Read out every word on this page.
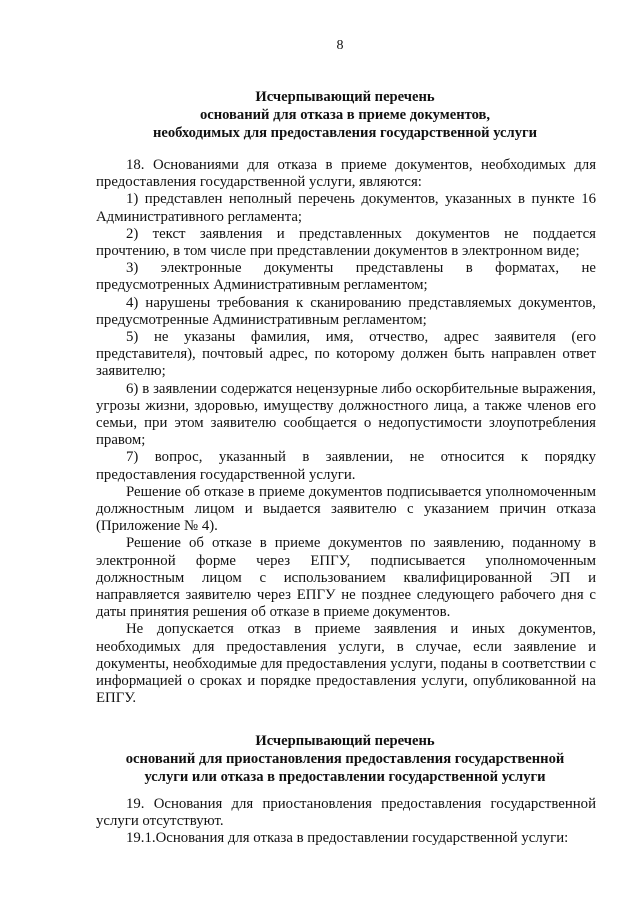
8
Исчерпывающий перечень
оснований для отказа в приеме документов,
необходимых для предоставления государственной услуги

18. Основаниями для отказа в приеме документов, необходимых для предоставления государственной услуги, являются:

1) представлен неполный перечень документов, указанных в пункте 16 Административного регламента;

2) текст заявления и представленных документов не поддается прочтению, в том числе при представлении документов в электронном виде;

3) электронные документы представлены в форматах, не предусмотренных Административным регламентом;

4) нарушены требования к сканированию представляемых документов, предусмотренные Административным регламентом;

5) не указаны фамилия, имя, отчество, адрес заявителя (его представителя), почтовый адрес, по которому должен быть направлен ответ заявителю;

6) в заявлении содержатся нецензурные либо оскорбительные выражения, угрозы жизни, здоровью, имуществу должностного лица, а также членов его семьи, при этом заявителю сообщается о недопустимости злоупотребления правом;

7) вопрос, указанный в заявлении, не относится к порядку предоставления государственной услуги.

Решение об отказе в приеме документов подписывается уполномоченным должностным лицом и выдается заявителю с указанием причин отказа (Приложение № 4).

Решение об отказе в приеме документов по заявлению, поданному в электронной форме через ЕПГУ, подписывается уполномоченным должностным лицом с использованием квалифицированной ЭП и направляется заявителю через ЕПГУ не позднее следующего рабочего дня с даты принятия решения об отказе в приеме документов.

Не допускается отказ в приеме заявления и иных документов, необходимых для предоставления услуги, в случае, если заявление и документы, необходимые для предоставления услуги, поданы в соответствии с информацией о сроках и порядке предоставления услуги, опубликованной на ЕПГУ.

Исчерпывающий перечень
оснований для приостановления предоставления государственной
услуги или отказа в предоставлении государственной услуги

19. Основания для приостановления предоставления государственной услуги отсутствуют.

19.1.Основания для отказа в предоставлении государственной услуги:
